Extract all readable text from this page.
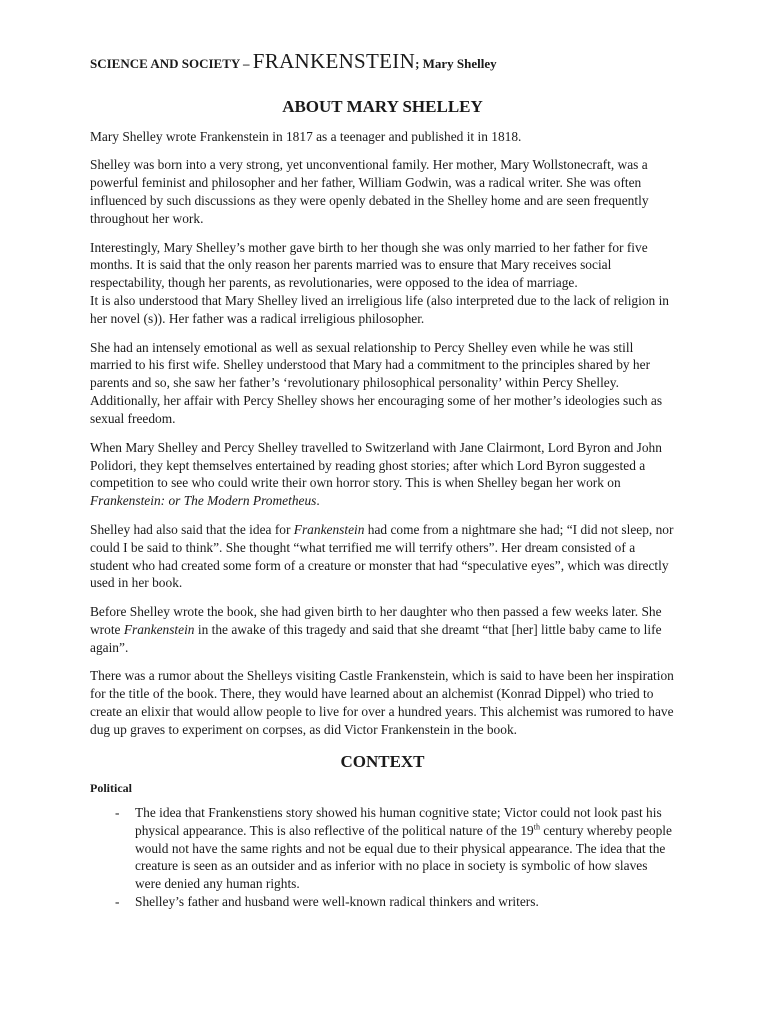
SCIENCE AND SOCIETY – FRANKENSTEIN; Mary Shelley
ABOUT MARY SHELLEY

Mary Shelley wrote Frankenstein in 1817 as a teenager and published it in 1818.

Shelley was born into a very strong, yet unconventional family. Her mother, Mary Wollstonecraft, was a powerful feminist and philosopher and her father, William Godwin, was a radical writer. She was often influenced by such discussions as they were openly debated in the Shelley home and are seen frequently throughout her work.

Interestingly, Mary Shelley’s mother gave birth to her though she was only married to her father for five months. It is said that the only reason her parents married was to ensure that Mary receives social respectability, though her parents, as revolutionaries, were opposed to the idea of marriage.
It is also understood that Mary Shelley lived an irreligious life (also interpreted due to the lack of religion in her novel (s)). Her father was a radical irreligious philosopher.

She had an intensely emotional as well as sexual relationship to Percy Shelley even while he was still married to his first wife. Shelley understood that Mary had a commitment to the principles shared by her parents and so, she saw her father’s ‘revolutionary philosophical personality’ within Percy Shelley. Additionally, her affair with Percy Shelley shows her encouraging some of her mother’s ideologies such as sexual freedom.

When Mary Shelley and Percy Shelley travelled to Switzerland with Jane Clairmont, Lord Byron and John Polidori, they kept themselves entertained by reading ghost stories; after which Lord Byron suggested a competition to see who could write their own horror story. This is when Shelley began her work on Frankenstein: or The Modern Prometheus.

Shelley had also said that the idea for Frankenstein had come from a nightmare she had; “I did not sleep, nor could I be said to think”. She thought “what terrified me will terrify others”. Her dream consisted of a student who had created some form of a creature or monster that had “speculative eyes”, which was directly used in her book.

Before Shelley wrote the book, she had given birth to her daughter who then passed a few weeks later. She wrote Frankenstein in the awake of this tragedy and said that she dreamt “that [her] little baby came to life again”.

There was a rumor about the Shelleys visiting Castle Frankenstein, which is said to have been her inspiration for the title of the book. There, they would have learned about an alchemist (Konrad Dippel) who tried to create an elixir that would allow people to live for over a hundred years. This alchemist was rumored to have dug up graves to experiment on corpses, as did Victor Frankenstein in the book.

CONTEXT
Political
- The idea that Frankenstiens story showed his human cognitive state; Victor could not look past his physical appearance. This is also reflective of the political nature of the 19th century whereby people would not have the same rights and not be equal due to their physical appearance. The idea that the creature is seen as an outsider and as inferior with no place in society is symbolic of how slaves were denied any human rights.
- Shelley’s father and husband were well-known radical thinkers and writers.
